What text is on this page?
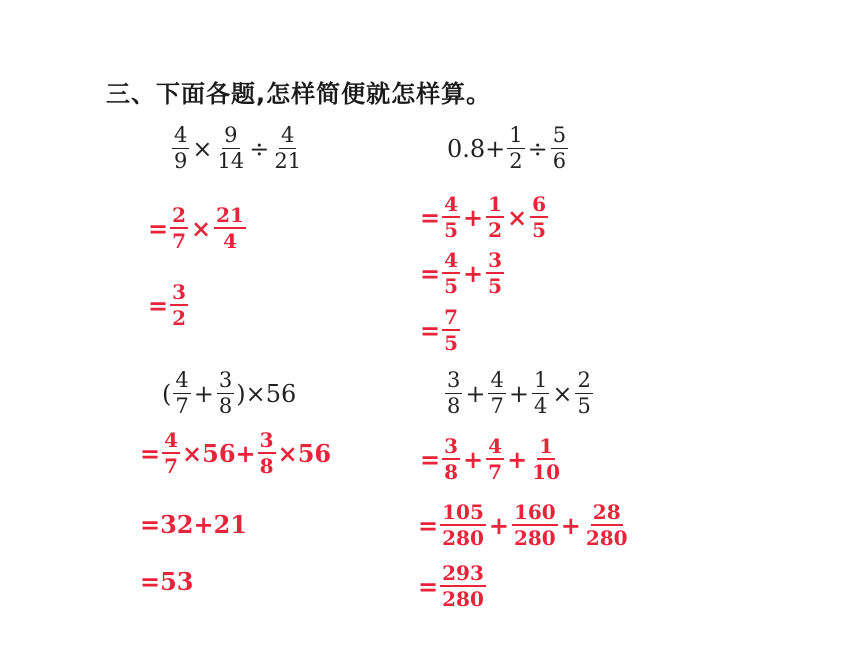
三、下面各题,怎样简便就怎样算。
$\frac{4}{9} \times \frac{9}{14} \div \frac{4}{21}$
= $\frac{2}{7} \times \frac{21}{4}$
= $\frac{3}{2}$
$0.8+ \frac{1}{2} \div \frac{5}{6}$
= $\frac{4}{5} + \frac{1}{2} \times \frac{6}{5}$
= $\frac{4}{5} + \frac{3}{5}$
= $\frac{7}{5}$
( $\frac{4}{7} + \frac{3}{8} )\times 56$
= $\frac{4}{7} \times 56+ \frac{3}{8} \times 56$
=32+21
=53
$\frac{3}{8} + \frac{4}{7} + \frac{1}{4} \times \frac{2}{5}$
= $\frac{3}{8} + \frac{4}{7} + \frac{1}{10}$
= $\frac{105}{280} + \frac{160}{280} + \frac{28}{280}$
= $\frac{293}{280}$
